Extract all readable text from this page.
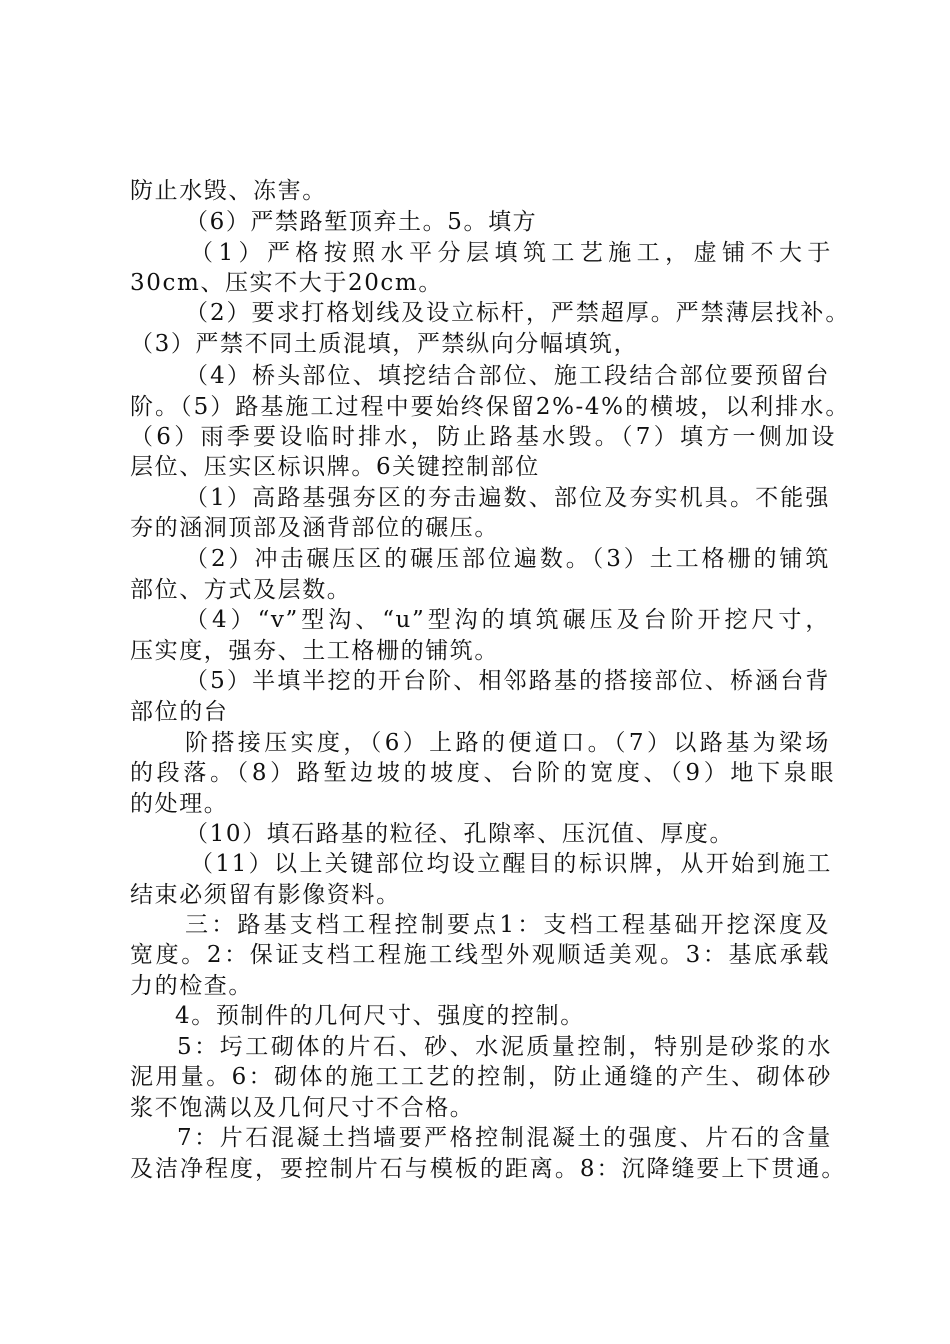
防止水毁、冻害。
（6）严禁路堑顶弃土。5。填方
（1）严格按照水平分层填筑工艺施工，虚铺不大于
30cm、压实不大于20cm。
（2）要求打格划线及设立标杆，严禁超厚。严禁薄层找补。
（3）严禁不同土质混填，严禁纵向分幅填筑，
（4）桥头部位、填挖结合部位、施工段结合部位要预留台
阶。（5）路基施工过程中要始终保留2%-4%的横坡，以利排水。
（6）雨季要设临时排水，防止路基水毁。（7）填方一侧加设
层位、压实区标识牌。6关键控制部位
（1）高路基强夯区的夯击遍数、部位及夯实机具。不能强
夯的涵洞顶部及涵背部位的碾压。
（2）冲击碾压区的碾压部位遍数。（3）土工格栅的铺筑
部位、方式及层数。
（4）“v”型沟、“u”型沟的填筑碾压及台阶开挖尺寸，
压实度，强夯、土工格栅的铺筑。
（5）半填半挖的开台阶、相邻路基的搭接部位、桥涵台背
部位的台
阶搭接压实度，（6）上路的便道口。（7）以路基为梁场
的段落。（8）路堑边坡的坡度、台阶的宽度、（9）地下泉眼
的处理。
（10）填石路基的粒径、孔隙率、压沉值、厚度。
（11）以上关键部位均设立醒目的标识牌，从开始到施工
结束必须留有影像资料。
三：路基支档工程控制要点1：支档工程基础开挖深度及
宽度。2：保证支档工程施工线型外观顺适美观。3：基底承载
力的检查。
4。预制件的几何尺寸、强度的控制。
5：圬工砌体的片石、砂、水泥质量控制，特别是砂浆的水
泥用量。6：砌体的施工工艺的控制，防止通缝的产生、砌体砂
浆不饱满以及几何尺寸不合格。
7：片石混凝土挡墙要严格控制混凝土的强度、片石的含量
及洁净程度，要控制片石与模板的距离。8：沉降缝要上下贯通。
